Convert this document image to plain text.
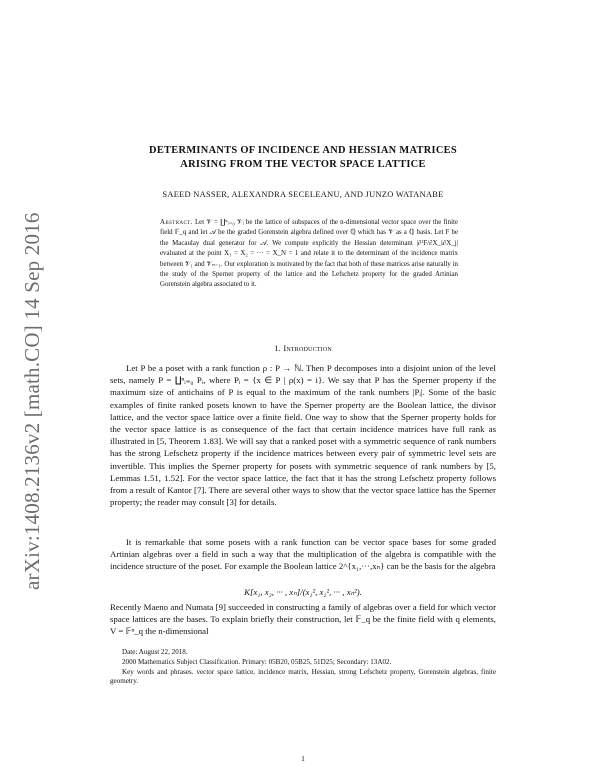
arXiv:1408.2136v2 [math.CO] 14 Sep 2016
DETERMINANTS OF INCIDENCE AND HESSIAN MATRICES
ARISING FROM THE VECTOR SPACE LATTICE
SAEED NASSER, ALEXANDRA SECELEANU, AND JUNZO WATANABE
Abstract. Let 𝒱 = ∐ⁿᵢ₌₀ 𝒱ᵢ be the lattice of subspaces of the n-dimensional vector space over the finite field 𝔽_q and let 𝒜 be the graded Gorenstein algebra defined over ℚ which has 𝒱 as a ℚ basis. Let F be the Macaulay dual generator for 𝒜. We compute explicitly the Hessian determinant |∂²F/∂X_i∂X_j| evaluated at the point X₁ = X₂ = ··· = X_N = 1 and relate it to the determinant of the incidence matrix between 𝒱₁ and 𝒱ₙ₋₁. Our exploration is motivated by the fact that both of these matrices arise naturally in the study of the Sperner property of the lattice and the Lefschetz property for the graded Artinian Gorenstein algebra associated to it.
1. Introduction

Let P be a poset with a rank function ρ : P → ℕ. Then P decomposes into a disjoint union of the level sets, namely P = ∐ⁿᵢ₌₀ Pᵢ, where Pᵢ = {x ∈ P | ρ(x) = i}. We say that P has the Sperner property if the maximum size of antichains of P is equal to the maximum of the rank numbers |Pᵢ|. Some of the basic examples of finite ranked posets known to have the Sperner property are the Boolean lattice, the divisor lattice, and the vector space lattice over a finite field. One way to show that the Sperner property holds for the vector space lattice is as consequence of the fact that certain incidence matrices have full rank as illustrated in [5, Theorem 1.83]. We will say that a ranked poset with a symmetric sequence of rank numbers has the strong Lefschetz property if the incidence matrices between every pair of symmetric level sets are invertible. This implies the Sperner property for posets with symmetric sequence of rank numbers by [5, Lemmas 1.51, 1.52]. For the vector space lattice, the fact that it has the strong Lefschetz property follows from a result of Kantor [7]. There are several other ways to show that the vector space lattice has the Sperner property; the reader may consult [3] for details.

It is remarkable that some posets with a rank function can be vector space bases for some graded Artinian algebras over a field in such a way that the multiplication of the algebra is compatible with the incidence structure of the poset. For example the Boolean lattice 2^{x₁,···,xₙ} can be the basis for the algebra

K[x₁, x₂, ··· , xₙ]/(x₁², x₂², ··· , xₙ²).

Recently Maeno and Numata [9] succeeded in constructing a family of algebras over a field for which vector space lattices are the bases. To explain briefly their construction, let 𝔽_q be the finite field with q elements, V = 𝔽ⁿ_q the n-dimensional

Date: August 22, 2018.

2000 Mathematics Subject Classification. Primary: 05B20, 05B25, 51D25; Secondary: 13A02.

Key words and phrases. vector space lattice, incidence matrix, Hessian, strong Lefschetz property, Gorenstein algebras, finite geometry.

1
